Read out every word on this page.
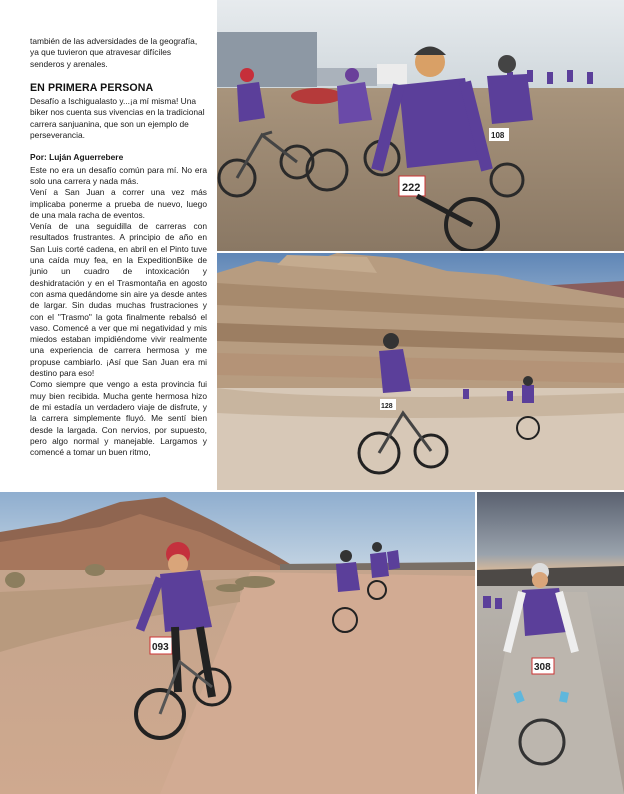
también de las adversidades de la geografía, ya que tuvieron que atravesar difíciles senderos y arenales.

EN PRIMERA PERSONA

Desafío a Ischigualasto y...¡a mí misma! Una biker nos cuenta sus vivencias en la tradicional carrera sanjuanina, que son un ejemplo de perseverancia.

Por: Luján Aguerrebere

Este no era un desafío común para mí. No era solo una carrera y nada más.

Vení a San Juan a correr una vez más implicaba ponerme a prueba de nuevo, luego de una mala racha de eventos.

Venía de una seguidilla de carreras con resultados frustrantes. A principio de año en San Luis corté cadena, en abril en el Pinto tuve una caída muy fea, en la ExpeditionBike de junio un cuadro de intoxicación y deshidratación y en el Trasmontaña en agosto con asma quedándome sin aire ya desde antes de largar. Sin dudas muchas frustraciones y con el "Trasmo" la gota finalmente rebalsó el vaso. Comencé a ver que mi negatividad y mis miedos estaban impidiéndome vivir realmente una experiencia de carrera hermosa y me propuse cambiarlo. ¡Así que San Juan era mi destino para eso!

Como siempre que vengo a esta provincia fui muy bien recibida. Mucha gente hermosa hizo de mi estadía un verdadero viaje de disfrute, y la carrera simplemente fluyó. Me sentí bien desde la largada. Con nervios, por supuesto, pero algo normal y manejable. Largamos y comencé a tomar un buen ritmo,

222
108
128
093
308
